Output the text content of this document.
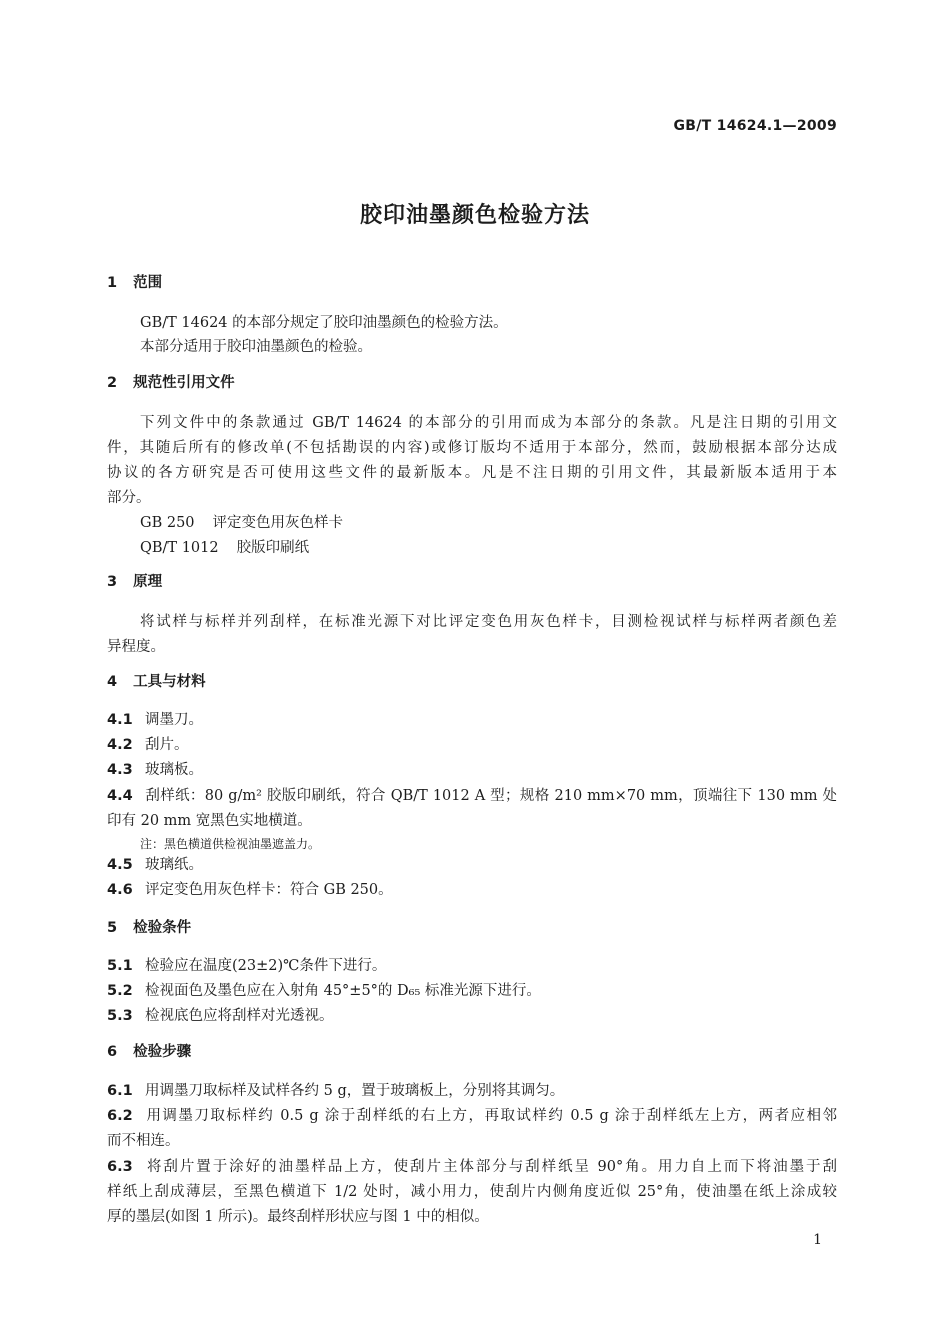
GB/T 14624.1—2009
胶印油墨颜色检验方法
1 范围
GB/T 14624 的本部分规定了胶印油墨颜色的检验方法。
本部分适用于胶印油墨颜色的检验。
2 规范性引用文件
下列文件中的条款通过 GB/T 14624 的本部分的引用而成为本部分的条款。凡是注日期的引用文
件，其随后所有的修改单(不包括勘误的内容)或修订版均不适用于本部分，然而，鼓励根据本部分达成
协议的各方研究是否可使用这些文件的最新版本。凡是不注日期的引用文件，其最新版本适用于本
部分。
GB 250 评定变色用灰色样卡
QB/T 1012 胶版印刷纸
3 原理
将试样与标样并列刮样，在标准光源下对比评定变色用灰色样卡，目测检视试样与标样两者颜色差
异程度。
4 工具与材料
4.1 调墨刀。
4.2 刮片。
4.3 玻璃板。
4.4 刮样纸：80 g/m² 胶版印刷纸，符合 QB/T 1012 A 型；规格 210 mm×70 mm，顶端往下 130 mm 处
印有 20 mm 宽黑色实地横道。
注：黑色横道供检视油墨遮盖力。
4.5 玻璃纸。
4.6 评定变色用灰色样卡：符合 GB 250。
5 检验条件
5.1 检验应在温度(23±2)℃条件下进行。
5.2 检视面色及墨色应在入射角 45°±5°的 D₆₅ 标准光源下进行。
5.3 检视底色应将刮样对光透视。
6 检验步骤
6.1 用调墨刀取标样及试样各约 5 g，置于玻璃板上，分别将其调匀。
6.2 用调墨刀取标样约 0.5 g 涂于刮样纸的右上方，再取试样约 0.5 g 涂于刮样纸左上方，两者应相邻
而不相连。
6.3 将刮片置于涂好的油墨样品上方，使刮片主体部分与刮样纸呈 90°角。用力自上而下将油墨于刮
样纸上刮成薄层，至黑色横道下 1/2 处时，减小用力，使刮片内侧角度近似 25°角，使油墨在纸上涂成较
厚的墨层(如图 1 所示)。最终刮样形状应与图 1 中的相似。
1
